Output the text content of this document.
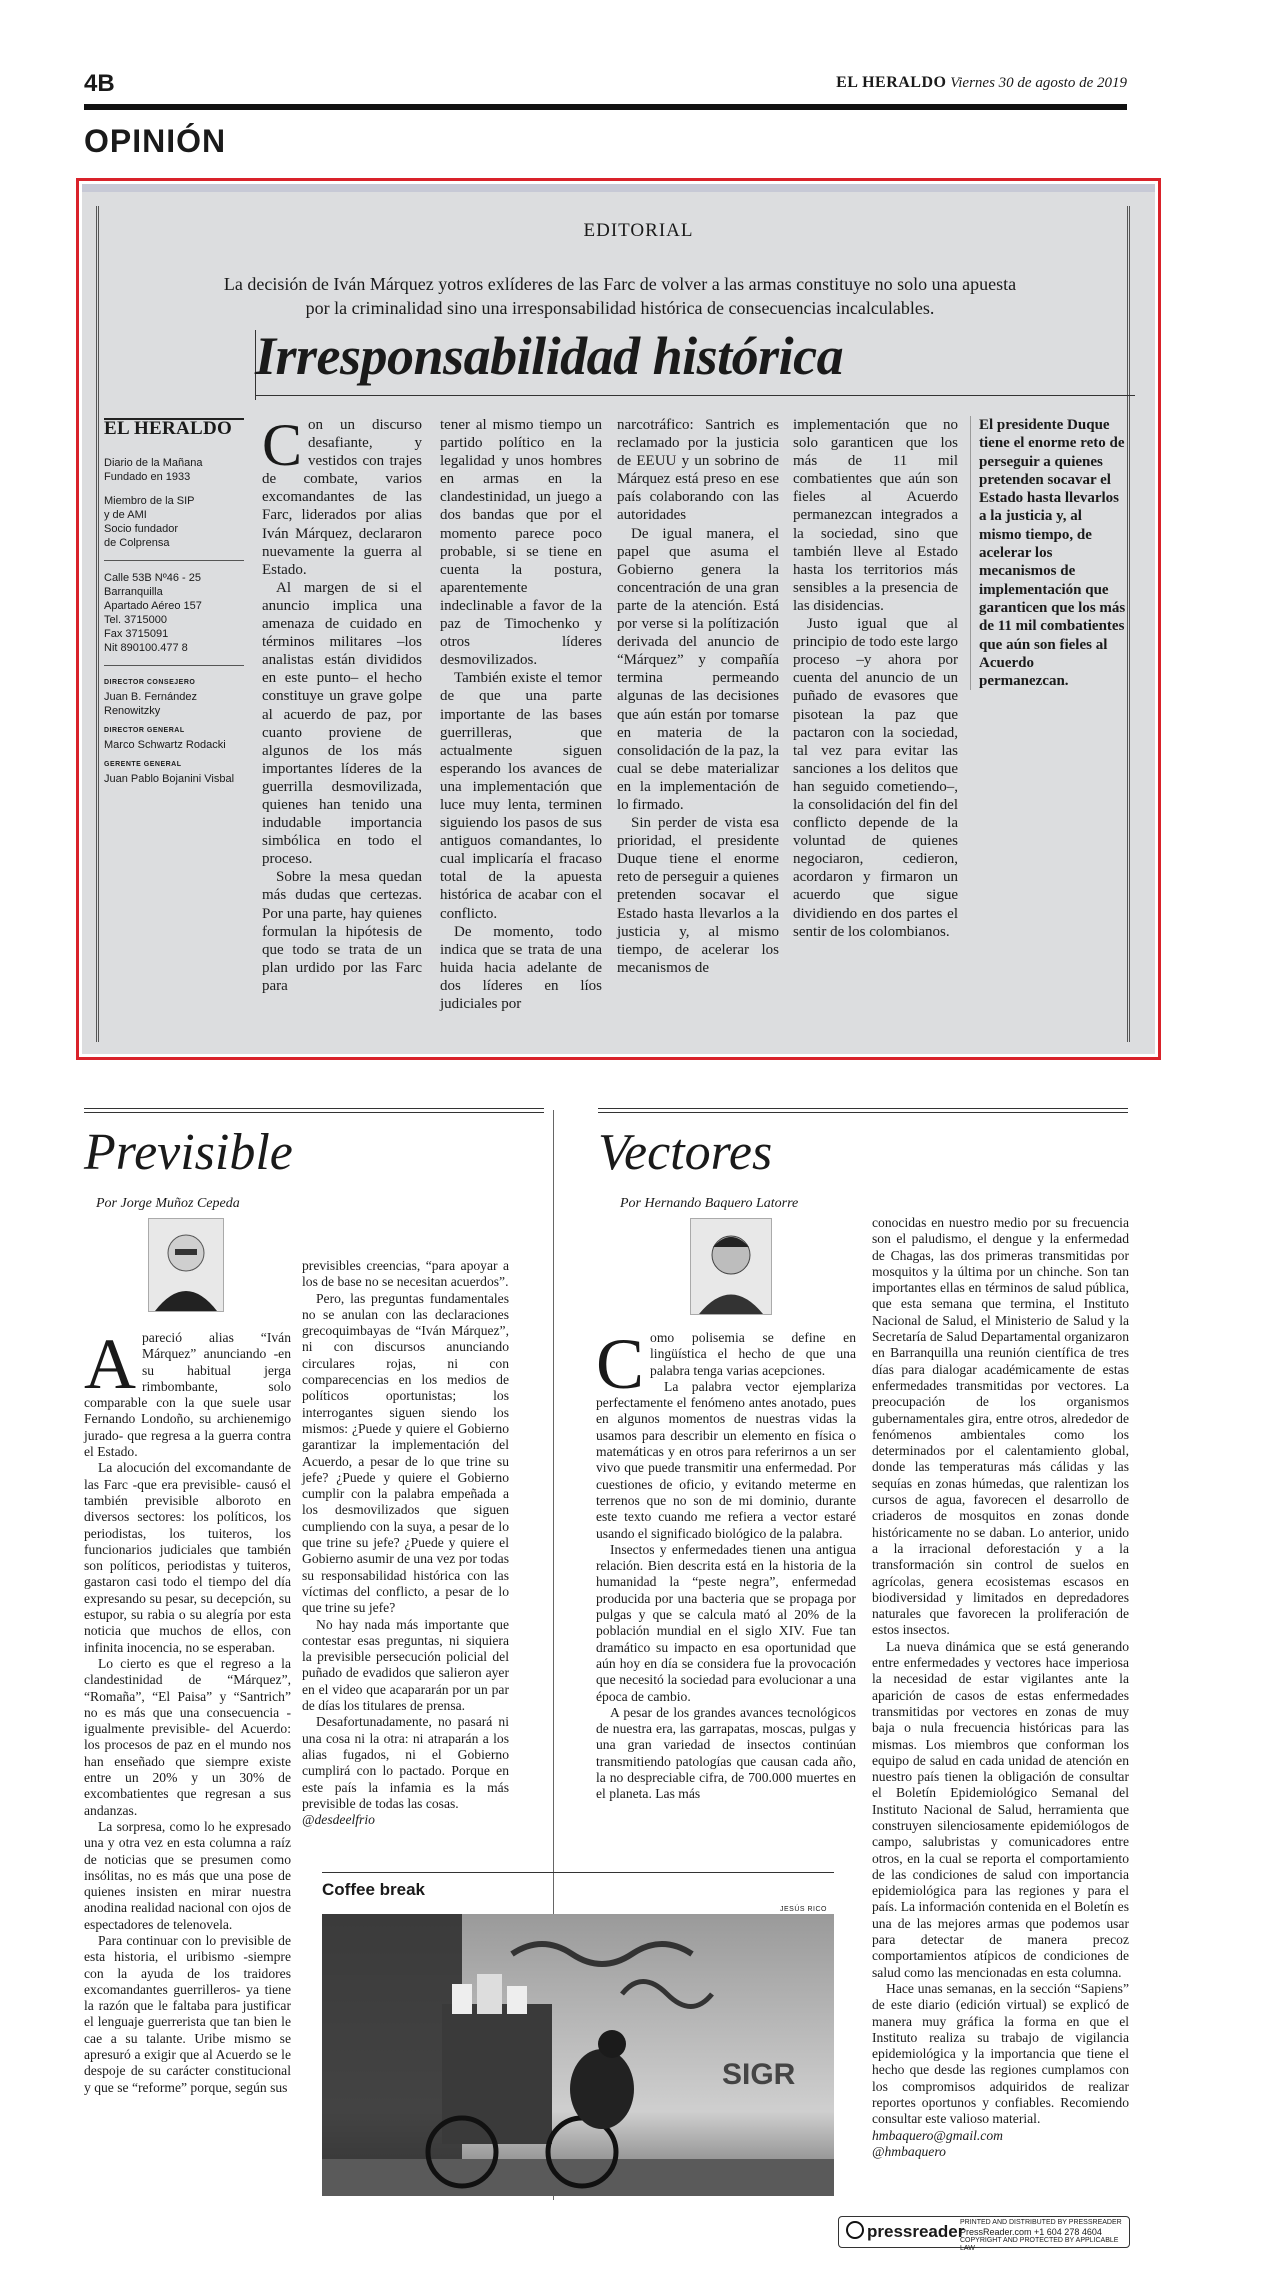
4B	EL HERALDO Viernes 30 de agosto de 2019
OPINIÓN
EDITORIAL
La decisión de Iván Márquez yotros exlíderes de las Farc de volver a las armas constituye no solo una apuesta por la criminalidad sino una irresponsabilidad histórica de consecuencias incalculables.
Irresponsabilidad histórica
EL HERALDO
Diario de la Mañana
Fundado en 1933
Miembro de la SIP
y de AMI
Socio fundador
de Colprensa
Calle 53B Nº46 - 25
Barranquilla
Apartado Aéreo 157
Tel. 3715000
Fax 3715091
Nit 890100.477 8
DIRECTOR CONSEJERO
Juan B. Fernández Renowitzky
DIRECTOR GENERAL
Marco Schwartz Rodacki
GERENTE GENERAL
Juan Pablo Bojanini Visbal

Con un discurso desafiante, y vestidos con trajes de combate, varios excomandantes de las Farc, liderados por alias Iván Márquez, declararon nuevamente la guerra al Estado.

Al margen de si el anuncio implica una amenaza de cuidado en términos militares –los analistas están divididos en este punto– el hecho constituye un grave golpe al acuerdo de paz, por cuanto proviene de algunos de los más importantes líderes de la guerrilla desmovilizada, quienes han tenido una indudable importancia simbólica en todo el proceso.

Sobre la mesa quedan más dudas que certezas. Por una parte, hay quienes formulan la hipótesis de que todo se trata de un plan urdido por las Farc para

tener al mismo tiempo un partido político en la legalidad y unos hombres en armas en la clandestinidad, un juego a dos bandas que por el momento parece poco probable, si se tiene en cuenta la postura, aparentemente indeclinable a favor de la paz de Timochenko y otros líderes desmovilizados.

También existe el temor de que una parte importante de las bases guerrilleras, que actualmente siguen esperando los avances de una implementación que luce muy lenta, terminen siguiendo los pasos de sus antiguos comandantes, lo cual implicaría el fracaso total de la apuesta histórica de acabar con el conflicto.

De momento, todo indica que se trata de una huida hacia adelante de dos líderes en líos judiciales por

narcotráfico: Santrich es reclamado por la justicia de EEUU y un sobrino de Márquez está preso en ese país colaborando con las autoridades

De igual manera, el papel que asuma el Gobierno genera la concentración de una gran parte de la atención. Está por verse si la polítización derivada del anuncio de “Márquez” y compañía termina permeando algunas de las decisiones que aún están por tomarse en materia de la consolidación de la paz, la cual se debe materializar en la implementación de lo firmado.

Sin perder de vista esa prioridad, el presidente Duque tiene el enorme reto de perseguir a quienes pretenden socavar el Estado hasta llevarlos a la justicia y, al mismo tiempo, de acelerar los mecanismos de

implementación que no solo garanticen que los más de 11 mil combatientes que aún son fieles al Acuerdo permanezcan integrados a la sociedad, sino que también lleve al Estado hasta los territorios más sensibles a la presencia de las disidencias.

Justo igual que al principio de todo este largo proceso –y ahora por cuenta del anuncio de un puñado de evasores que pisotean la paz que pactaron con la sociedad, tal vez para evitar las sanciones a los delitos que han seguido cometiendo–, la consolidación del fin del conflicto depende de la voluntad de quienes negociaron, cedieron, acordaron y firmaron un acuerdo que sigue dividiendo en dos partes el sentir de los colombianos.

El presidente Duque tiene el enorme reto de perseguir a quienes pretenden socavar el Estado hasta llevarlos a la justicia y, al mismo tiempo, de acelerar los mecanismos de implementación que garanticen que los más de 11 mil combatientes que aún son fieles al Acuerdo permanezcan.
Previsible
Por Jorge Muñoz Cepeda

Apareció alias “Iván Márquez” anunciando -en su habitual jerga rimbombante, solo comparable con la que suele usar Fernando Londoño, su archienemigo jurado- que regresa a la guerra contra el Estado.

La alocución del excomandante de las Farc -que era previsible- causó el también previsible alboroto en diversos sectores: los políticos, los periodistas, los tuiteros, los funcionarios judiciales que también son políticos, periodistas y tuiteros, gastaron casi todo el tiempo del día expresando su pesar, su decepción, su estupor, su rabia o su alegría por esta noticia que muchos de ellos, con infinita inocencia, no se esperaban.

Lo cierto es que el regreso a la clandestinidad de “Márquez”, “Romaña”, “El Paisa” y “Santrich” no es más que una consecuencia -igualmente previsible- del Acuerdo: los procesos de paz en el mundo nos han enseñado que siempre existe entre un 20% y un 30% de excombatientes que regresan a sus andanzas.

La sorpresa, como lo he expresado una y otra vez en esta columna a raíz de noticias que se presumen como insólitas, no es más que una pose de quienes insisten en mirar nuestra anodina realidad nacional con ojos de espectadores de telenovela.

Para continuar con lo previsible de esta historia, el uribismo -siempre con la ayuda de los traidores excomandantes guerrilleros- ya tiene la razón que le faltaba para justificar el lenguaje guerrerista que tan bien le cae a su talante. Uribe mismo se apresuró a exigir que al Acuerdo se le despoje de su carácter constitucional y que se “reforme” porque, según sus

previsibles creencias, “para apoyar a los de base no se necesitan acuerdos”.

Pero, las preguntas fundamentales no se anulan con las declaraciones grecoquimbayas de “Iván Márquez”, ni con discursos anunciando circulares rojas, ni con comparecencias en los medios de políticos oportunistas; los interrogantes siguen siendo los mismos: ¿Puede y quiere el Gobierno garantizar la implementación del Acuerdo, a pesar de lo que trine su jefe? ¿Puede y quiere el Gobierno cumplir con la palabra empeñada a los desmovilizados que siguen cumpliendo con la suya, a pesar de lo que trine su jefe? ¿Puede y quiere el Gobierno asumir de una vez por todas su responsabilidad histórica con las víctimas del conflicto, a pesar de lo que trine su jefe?

No hay nada más importante que contestar esas preguntas, ni siquiera la previsible persecución policial del puñado de evadidos que salieron ayer en el video que acapararán por un par de días los titulares de prensa.

Desafortunadamente, no pasará ni una cosa ni la otra: ni atraparán a los alias fugados, ni el Gobierno cumplirá con lo pactado. Porque en este país la infamia es la más previsible de todas las cosas.

@desdeelfrio

Vectores
Por Hernando Baquero Latorre

Como polisemia se define en lingüística el hecho de que una palabra tenga varias acepciones.

La palabra vector ejemplariza perfectamente el fenómeno antes anotado, pues en algunos momentos de nuestras vidas la usamos para describir un elemento en física o matemáticas y en otros para referirnos a un ser vivo que puede transmitir una enfermedad. Por cuestiones de oficio, y evitando meterme en terrenos que no son de mi dominio, durante este texto cuando me refiera a vector estaré usando el significado biológico de la palabra.

Insectos y enfermedades tienen una antigua relación. Bien descrita está en la historia de la humanidad la “peste negra”, enfermedad producida por una bacteria que se propaga por pulgas y que se calcula mató al 20% de la población mundial en el siglo XIV. Fue tan dramático su impacto en esa oportunidad que aún hoy en día se considera fue la provocación que necesitó la sociedad para evolucionar a una época de cambio.

A pesar de los grandes avances tecnológicos de nuestra era, las garrapatas, moscas, pulgas y una gran variedad de insectos continúan transmitiendo patologías que causan cada año, la no despreciable cifra, de 700.000 muertes en el planeta. Las más

conocidas en nuestro medio por su frecuencia son el paludismo, el dengue y la enfermedad de Chagas, las dos primeras transmitidas por mosquitos y la última por un chinche. Son tan importantes ellas en términos de salud pública, que esta semana que termina, el Instituto Nacional de Salud, el Ministerio de Salud y la Secretaría de Salud Departamental organizaron en Barranquilla una reunión científica de tres días para dialogar académicamente de estas enfermedades transmitidas por vectores. La preocupación de los organismos gubernamentales gira, entre otros, alrededor de fenómenos ambientales como los determinados por el calentamiento global, donde las temperaturas más cálidas y las sequías en zonas húmedas, que ralentizan los cursos de agua, favorecen el desarrollo de criaderos de mosquitos en zonas donde históricamente no se daban. Lo anterior, unido a la irracional deforestación y a la transformación sin control de suelos en agrícolas, genera ecosistemas escasos en biodiversidad y limitados en depredadores naturales que favorecen la proliferación de estos insectos.

La nueva dinámica que se está generando entre enfermedades y vectores hace imperiosa la necesidad de estar vigilantes ante la aparición de casos de estas enfermedades transmitidas por vectores en zonas de muy baja o nula frecuencia históricas para las mismas. Los miembros que conforman los equipo de salud en cada unidad de atención en nuestro país tienen la obligación de consultar el Boletín Epidemiológico Semanal del Instituto Nacional de Salud, herramienta que construyen silenciosamente epidemiólogos de campo, salubristas y comunicadores entre otros, en la cual se reporta el comportamiento de las condiciones de salud con importancia epidemiológica para las regiones y para el país. La información contenida en el Boletín es una de las mejores armas que podemos usar para detectar de manera precoz comportamientos atípicos de condiciones de salud como las mencionadas en esta columna.

Hace unas semanas, en la sección “Sapiens” de este diario (edición virtual) se explicó de manera muy gráfica la forma en que el Instituto realiza su trabajo de vigilancia epidemiológica y la importancia que tiene el hecho que desde las regiones cumplamos con los compromisos adquiridos de realizar reportes oportunos y confiables. Recomiendo consultar este valioso material.

hmbaquero@gmail.com

@hmbaquero

Coffee break
JESÚS RICO
SIGR
pressreader
PRINTED AND DISTRIBUTED BY PRESSREADER
PressReader.com +1 604 278 4604
COPYRIGHT AND PROTECTED BY APPLICABLE LAW
